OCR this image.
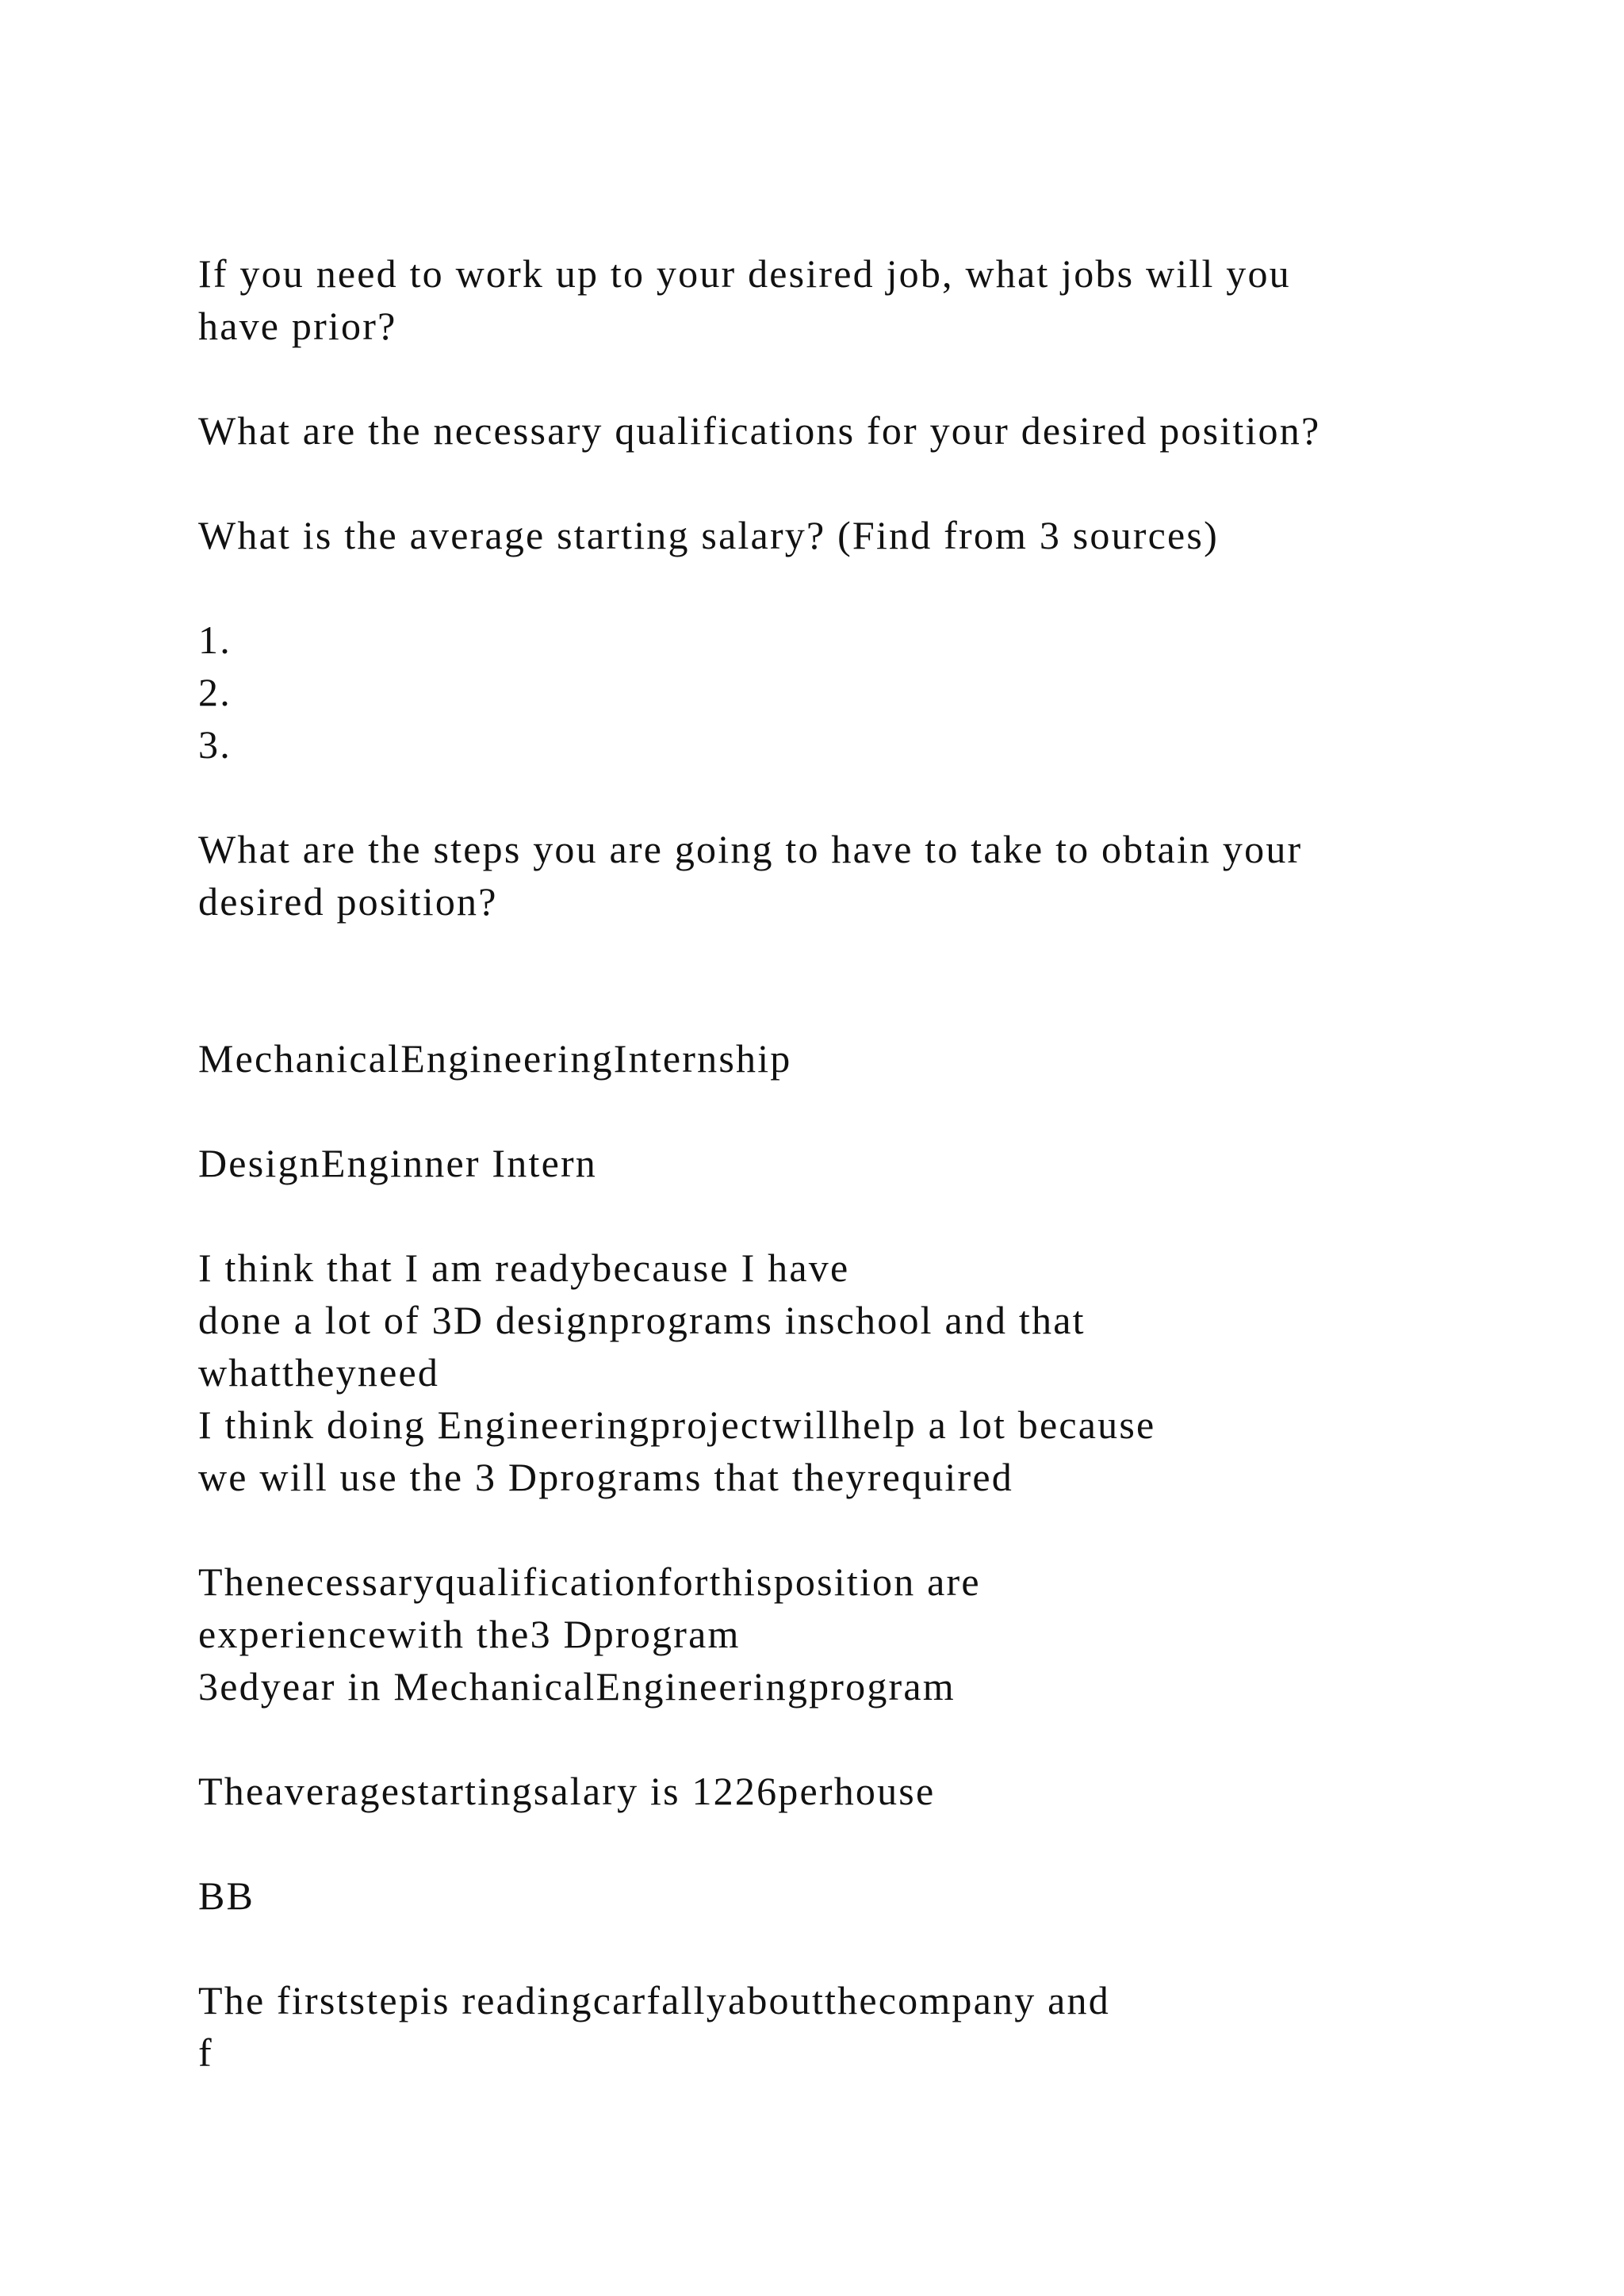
If you need to work up to your desired job, what jobs will you
have prior?
What are the necessary qualifications for your desired position?
What is the average starting salary? (Find from 3 sources)
1.
2.
3.
What are the steps you are going to have to take to obtain your
desired position?
MechanicalEngineeringInternship
DesignEnginner Intern
I think that I am readybecause I have
done a lot of 3D designprograms inschool and that
whattheyneed
I think doing Engineeringprojectwillhelp a lot because
we will use the 3 Dprograms that theyrequired
Thenecessaryqualificationforthisposition are
experiencewith the3 Dprogram
3edyear in MechanicalEngineeringprogram
Theaveragestartingsalary is 1226perhouse
BB
The firststepis readingcarfallyaboutthecompany and
f
